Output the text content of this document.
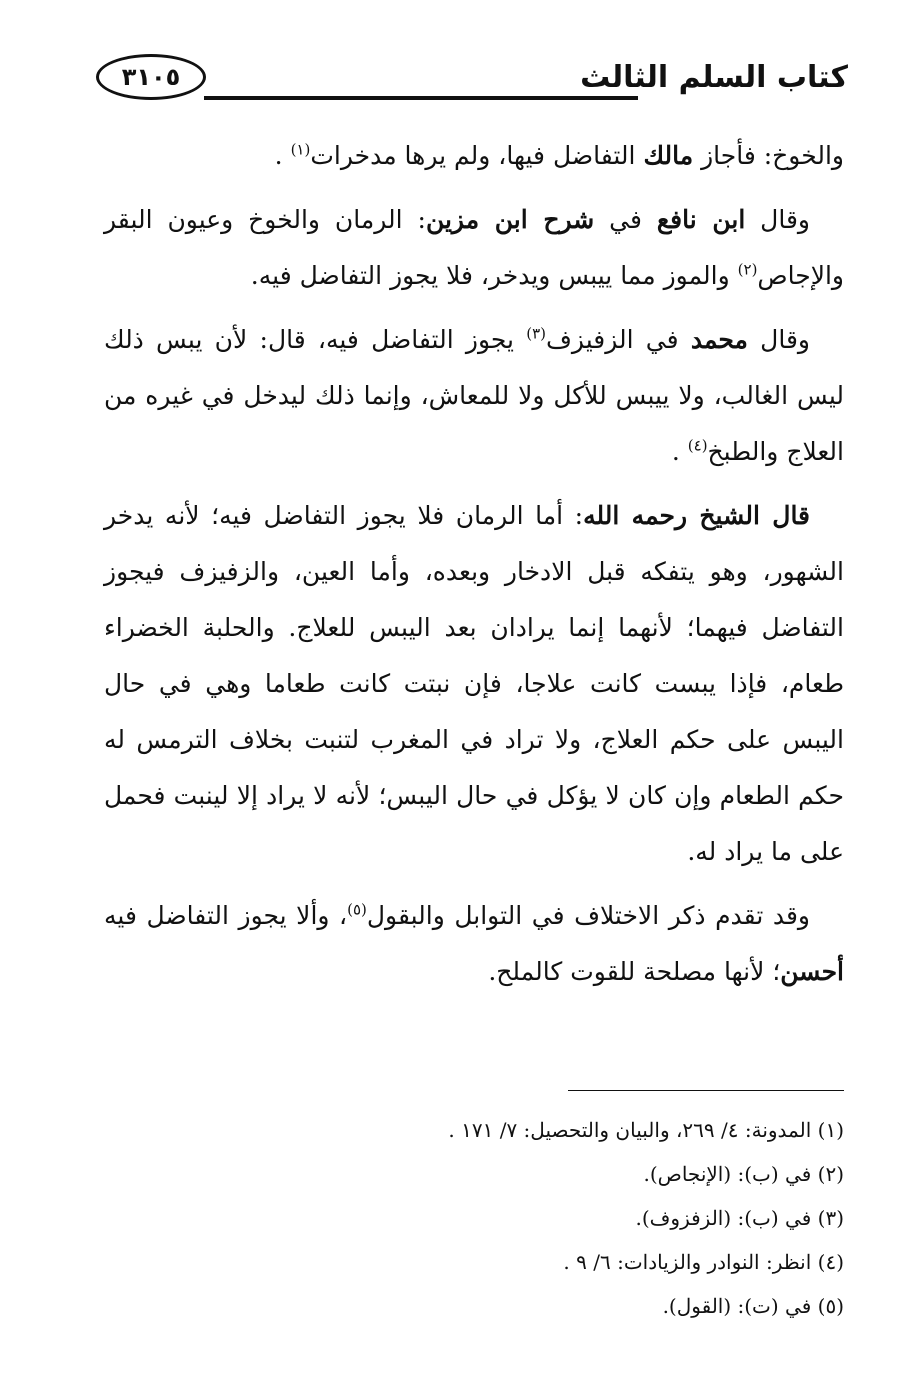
كتاب السلم الثالث
٣١٠٥

والخوخ: فأجاز مالك التفاضل فيها، ولم يرها مدخرات$^{(١)}$ .

وقال ابن نافع في شرح ابن مزين: الرمان والخوخ وعيون البقر والإجاص$^{(٢)}$ والموز مما ييبس ويدخر، فلا يجوز التفاضل فيه.

وقال محمد في الزفيزف$^{(٣)}$ يجوز التفاضل فيه، قال: لأن يبس ذلك ليس الغالب، ولا ييبس للأكل ولا للمعاش، وإنما ذلك ليدخل في غيره من العلاج والطبخ$^{(٤)}$ .

قال الشيخ رحمه الله: أما الرمان فلا يجوز التفاضل فيه؛ لأنه يدخر الشهور، وهو يتفكه قبل الادخار وبعده، وأما العين، والزفيزف فيجوز التفاضل فيهما؛ لأنهما إنما يرادان بعد اليبس للعلاج. والحلبة الخضراء طعام، فإذا يبست كانت علاجا، فإن نبتت كانت طعاما وهي في حال اليبس على حكم العلاج، ولا تراد في المغرب لتنبت بخلاف الترمس له حكم الطعام وإن كان لا يؤكل في حال اليبس؛ لأنه لا يراد إلا لينبت فحمل على ما يراد له.

وقد تقدم ذكر الاختلاف في التوابل والبقول$^{(٥)}$، وألا يجوز التفاضل فيه أحسن؛ لأنها مصلحة للقوت كالملح.

(١) المدونة: ٤/ ٢٦٩، والبيان والتحصيل: ٧/ ١٧١ .

(٢) في (ب): (الإنجاص).

(٣) في (ب): (الزفزوف).

(٤) انظر: النوادر والزيادات: ٦/ ٩ .

(٥) في (ت): (القول).
